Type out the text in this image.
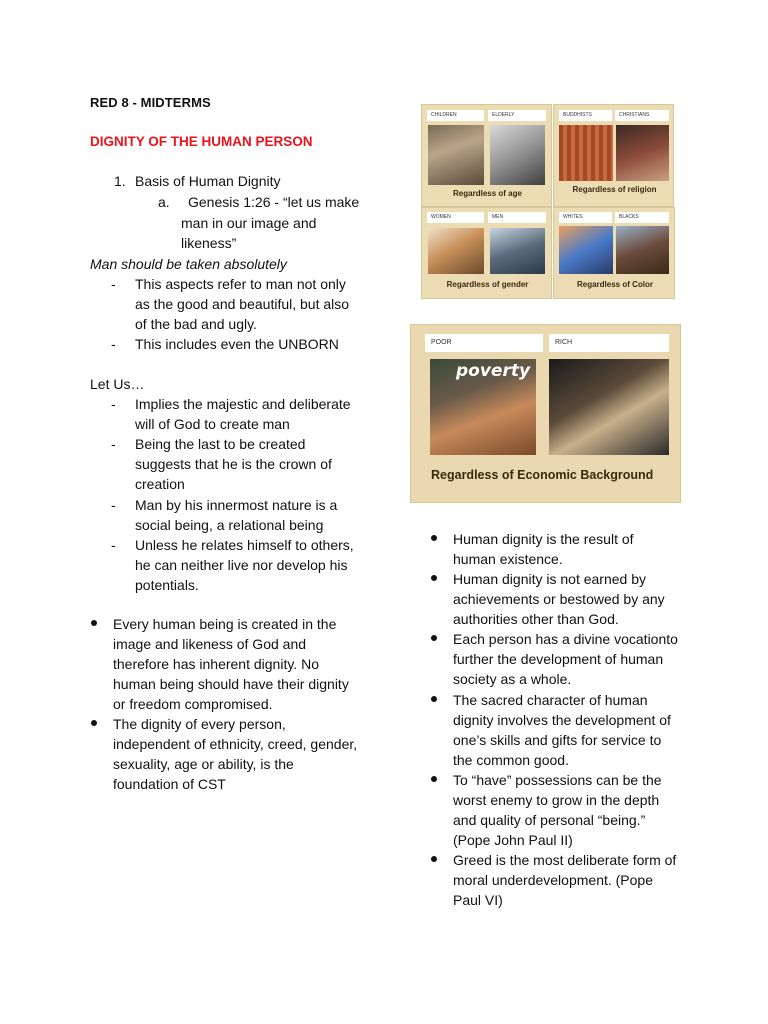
RED 8 - MIDTERMS
DIGNITY OF THE HUMAN PERSON
1. Basis of Human Dignity
a. Genesis 1:26 - “let us make
man in our image and
likeness”
Man should be taken absolutely
- This aspects refer to man not only
as the good and beautiful, but also
of the bad and ugly.
- This includes even the UNBORN
Let Us…
- Implies the majestic and deliberate
will of God to create man
- Being the last to be created
suggests that he is the crown of
creation
- Man by his innermost nature is a
social being, a relational being
- Unless he relates himself to others,
he can neither live nor develop his
potentials.
Every human being is created in the
image and likeness of God and
therefore has inherent dignity. No
human being should have their dignity
or freedom compromised.
The dignity of every person,
independent of ethnicity, creed, gender,
sexuality, age or ability, is the
foundation of CST
CHILDREN	ELDERLY
Regardless of age
BUDDHISTS	CHRISTIANS
Regardless of religion
WOMEN	MEN
Regardless of gender
WHITES	BLACKS
Regardless of Color
POOR	RICH
poverty
Regardless of Economic Background
Human dignity is the result of
human existence.
Human dignity is not earned by
achievements or bestowed by any
authorities other than God.
Each person has a divine vocationto
further the development of human
society as a whole.
The sacred character of human
dignity involves the development of
one’s skills and gifts for service to
the common good.
To “have” possessions can be the
worst enemy to grow in the depth
and quality of personal “being.”
(Pope John Paul II)
Greed is the most deliberate form of
moral underdevelopment. (Pope
Paul VI)
